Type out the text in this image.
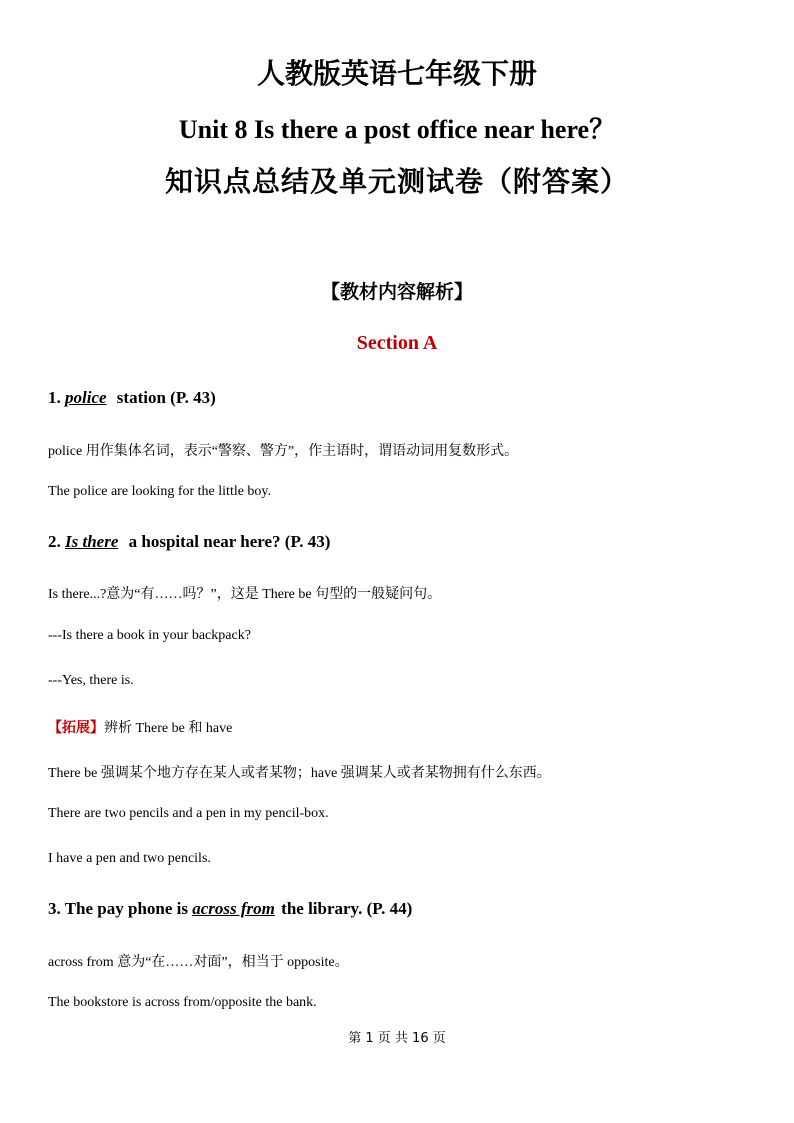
人教版英语七年级下册
Unit 8 Is there a post office near here？
知识点总结及单元测试卷（附答案）
【教材内容解析】
Section A
1. police station (P. 43)
police 用作集体名词，表示“警察、警方”，作主语时，谓语动词用复数形式。
The police are looking for the little boy.
2. Is there a hospital near here? (P. 43)
Is there...?意为“有……吗？”，这是 There be 句型的一般疑问句。
---Is there a book in your backpack?
---Yes, there is.
【拓展】辨析 There be 和 have
There be 强调某个地方存在某人或者某物；have 强调某人或者某物拥有什么东西。
There are two pencils and a pen in my pencil-box.
I have a pen and two pencils.
3. The pay phone is across from the library. (P. 44)
across from 意为“在……对面”，相当于 opposite。
The bookstore is across from/opposite the bank.
第 1 页 共 16 页
